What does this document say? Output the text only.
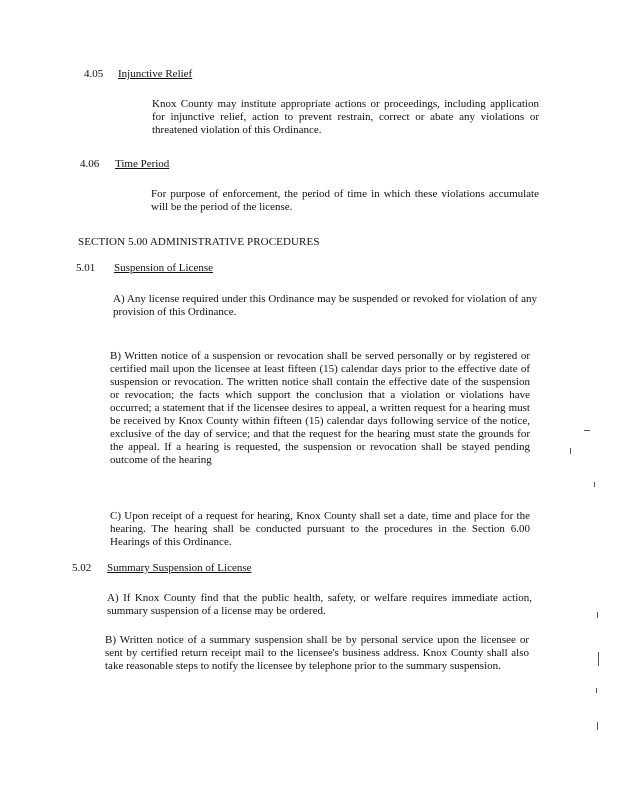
4.05 Injunctive Relief
Knox County may institute appropriate actions or proceedings, including application for injunctive relief, action to prevent restrain, correct or abate any violations or threatened violation of this Ordinance.
4.06 Time Period
For purpose of enforcement, the period of time in which these violations accumulate will be the period of the license.
SECTION 5.00 ADMINISTRATIVE PROCEDURES
5.01 Suspension of License
A) Any license required under this Ordinance may be suspended or revoked for violation of any provision of this Ordinance.
B) Written notice of a suspension or revocation shall be served personally or by registered or certified mail upon the licensee at least fifteen (15) calendar days prior to the effective date of suspension or revocation. The written notice shall contain the effective date of the suspension or revocation; the facts which support the conclusion that a violation or violations have occurred; a statement that if the licensee desires to appeal, a written request for a hearing must be received by Knox County within fifteen (15) calendar days following service of the notice, exclusive of the day of service; and that the request for the hearing must state the grounds for the appeal. If a hearing is requested, the suspension or revocation shall be stayed pending outcome of the hearing
C) Upon receipt of a request for hearing, Knox County shall set a date, time and place for the hearing. The hearing shall be conducted pursuant to the procedures in the Section 6.00 Hearings of this Ordinance.
5.02 Summary Suspension of License
A) If Knox County find that the public health, safety, or welfare requires immediate action, summary suspension of a license may be ordered.
B) Written notice of a summary suspension shall be by personal service upon the licensee or sent by certified return receipt mail to the licensee's business address. Knox County shall also take reasonable steps to notify the licensee by telephone prior to the summary suspension.
